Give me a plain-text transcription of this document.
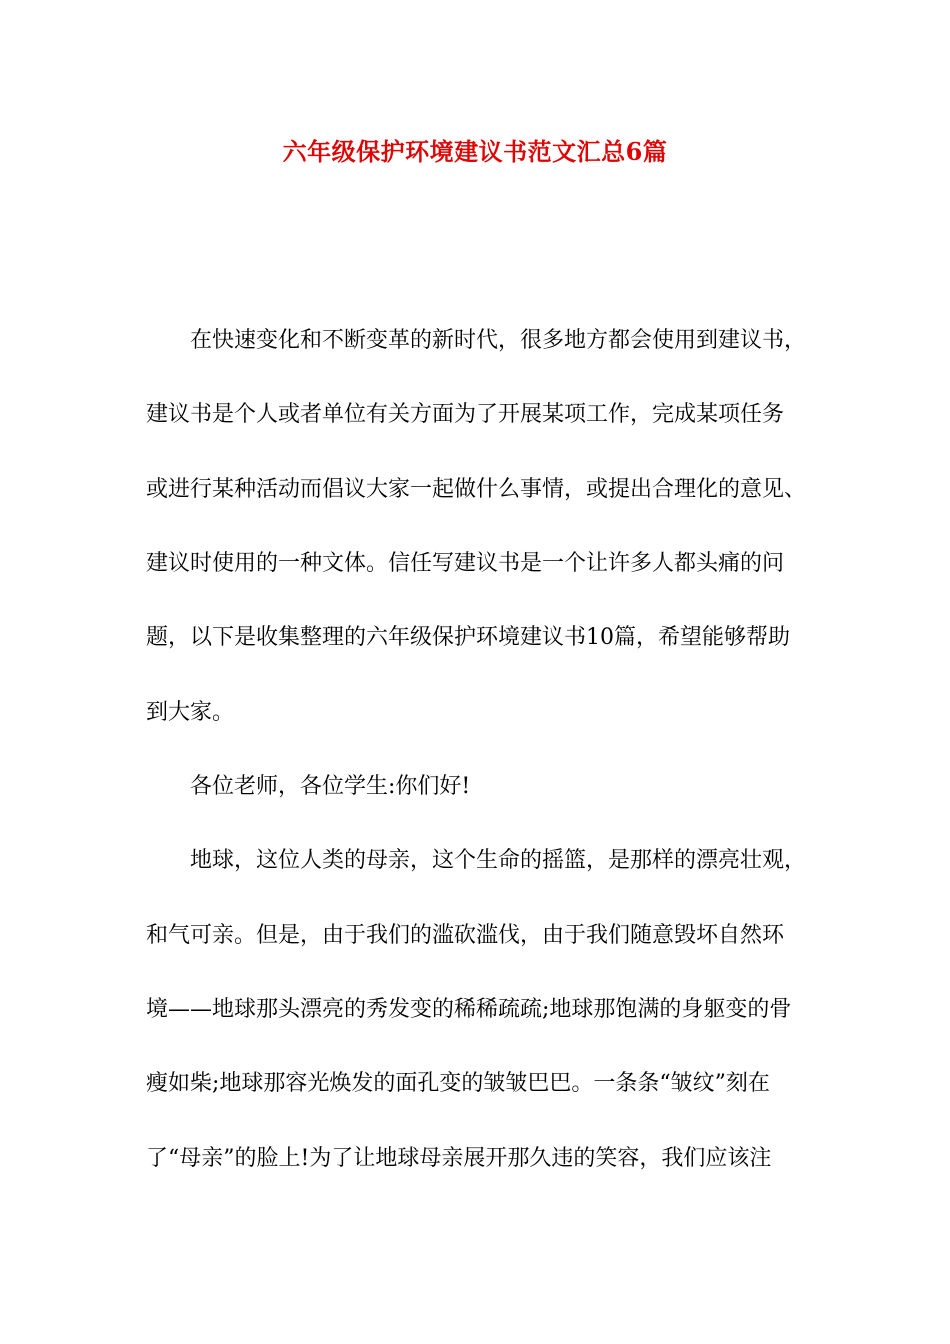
六年级保护环境建议书范文汇总6篇
在快速变化和不断变革的新时代，很多地方都会使用到建议书，
建议书是个人或者单位有关方面为了开展某项工作，完成某项任务
或进行某种活动而倡议大家一起做什么事情，或提出合理化的意见、
建议时使用的一种文体。信任写建议书是一个让许多人都头痛的问
题，以下是收集整理的六年级保护环境建议书10篇，希望能够帮助
到大家。
各位老师，各位学生:你们好!
地球，这位人类的母亲，这个生命的摇篮，是那样的漂亮壮观，
和气可亲。但是，由于我们的滥砍滥伐，由于我们随意毁坏自然环
境——地球那头漂亮的秀发变的稀稀疏疏;地球那饱满的身躯变的骨
瘦如柴;地球那容光焕发的面孔变的皱皱巴巴。一条条“皱纹”刻在
了“母亲”的脸上!为了让地球母亲展开那久违的笑容，我们应该注
